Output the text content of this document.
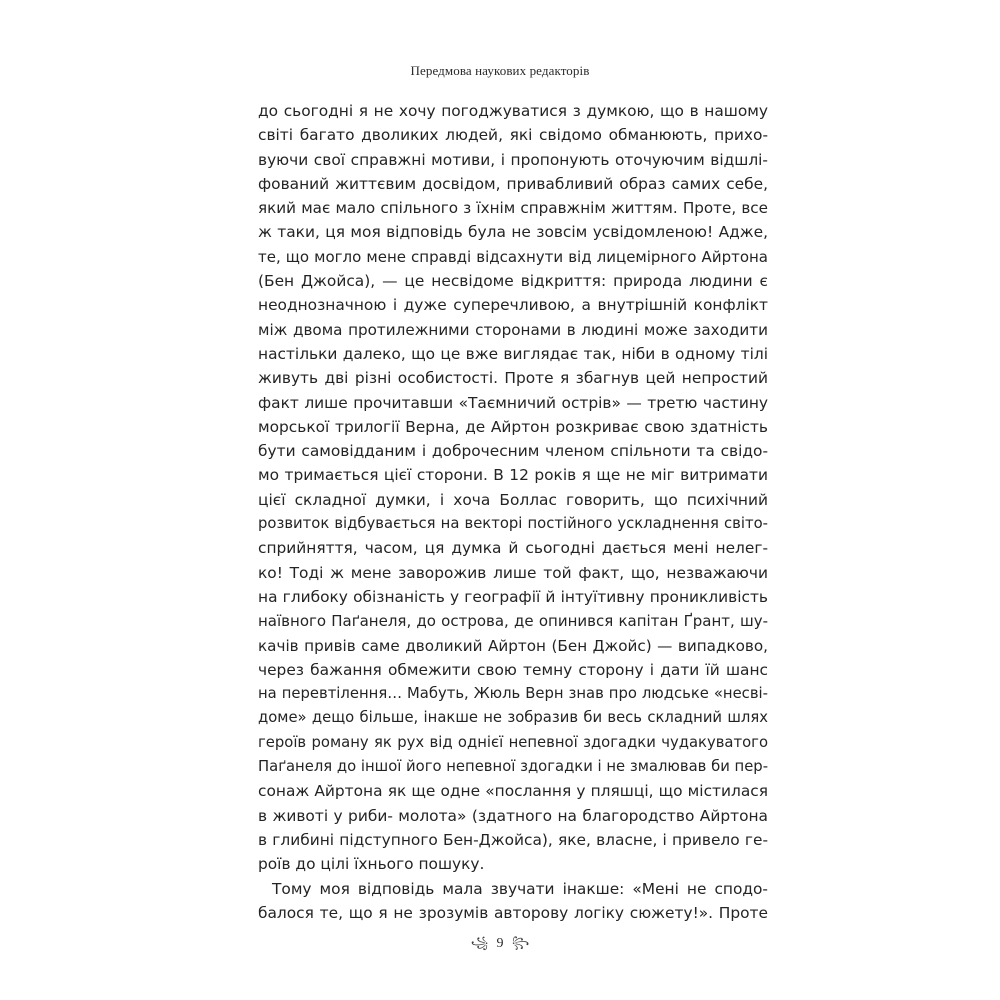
Передмова наукових редакторів
до сьогодні я не хочу погоджуватися з думкою, що в нашому
світі багато дволиких людей, які свідомо обманюють, прихо-
вуючи свої справжні мотиви, і пропонують оточуючим відшлі-
фований життєвим досвідом, привабливий образ самих себе,
який має мало спільного з їхнім справжнім життям. Проте, все
ж таки, ця моя відповідь була не зовсім усвідомленою! Адже,
те, що могло мене справді відсахнути від лицемірного Айртона
(Бен Джойса), — це несвідоме відкриття: природа людини є
неоднозначною і дуже суперечливою, а внутрішній конфлікт
між двома протилежними сторонами в людині може заходити
настільки далеко, що це вже виглядає так, ніби в одному тілі
живуть дві різні особистості. Проте я збагнув цей непростий
факт лише прочитавши «Таємничий острів» — третю частину
морської трилогії Верна, де Айртон розкриває свою здатність
бути самовідданим і доброчесним членом спільноти та свідо-
мо тримається цієї сторони. В 12 років я ще не міг витримати
цієї складної думки, і хоча Боллас говорить, що психічний
розвиток відбувається на векторі постійного ускладнення світо-
сприйняття, часом, ця думка й сьогодні дається мені нелег-
ко! Тоді ж мене заворожив лише той факт, що, незважаючи
на глибоку обізнаність у географії й інтуїтивну проникливість
наївного Паґанеля, до острова, де опинився капітан Ґрант, шу-
качів привів саме дволикий Айртон (Бен Джойс) — випадково,
через бажання обмежити свою темну сторону і дати їй шанс
на перевтілення… Мабуть, Жюль Верн знав про людське «несві-
доме» дещо більше, інакше не зобразив би весь складний шлях
героїв роману як рух від однієї непевної здогадки чудакуватого
Паґанеля до іншої його непевної здогадки і не змалював би пер-
сонаж Айртона як ще одне «послання у пляшці, що містилася
в животі у риби- молота» (здатного на благородство Айртона
в глибині підступного Бен-Джойса), яке, власне, і привело ге-
роїв до цілі їхнього пошуку.
Тому моя відповідь мала звучати інакше: «Мені не сподо-
балося те, що я не зрозумів авторову логіку сюжету!». Проте
꧁ 9 ꧂
